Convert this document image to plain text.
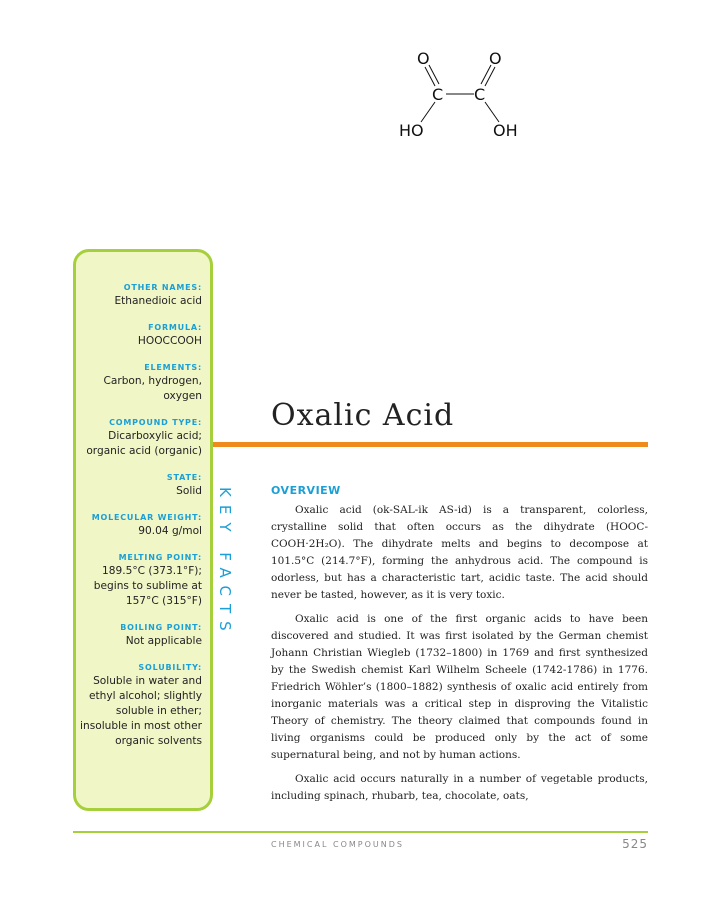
O	O
C C
HO	OH
OTHER NAMES:
Ethanedioic acid
FORMULA:
HOOCCOOH
ELEMENTS:
Carbon, hydrogen, oxygen
COMPOUND TYPE:
Dicarboxylic acid; organic acid (organic)
STATE:
Solid
MOLECULAR WEIGHT:
90.04 g/mol
MELTING POINT:
189.5°C (373.1°F); begins to sublime at 157°C (315°F)
BOILING POINT:
Not applicable
SOLUBILITY:
Soluble in water and ethyl alcohol; slightly soluble in ether; insoluble in most other organic solvents
KEY FACTS
Oxalic Acid
OVERVIEW

Oxalic acid (ok-SAL-ik AS-id) is a transparent, colorless, crystalline solid that often occurs as the dihydrate (HOOC-COOH·2H₂O). The dihydrate melts and begins to decompose at 101.5°C (214.7°F), forming the anhydrous acid. The compound is odorless, but has a characteristic tart, acidic taste. The acid should never be tasted, however, as it is very toxic.

Oxalic acid is one of the first organic acids to have been discovered and studied. It was first isolated by the German chemist Johann Christian Wiegleb (1732–1800) in 1769 and first synthesized by the Swedish chemist Karl Wilhelm Scheele (1742-1786) in 1776. Friedrich Wöhler’s (1800–1882) synthesis of oxalic acid entirely from inorganic materials was a critical step in disproving the Vitalistic Theory of chemistry. The theory claimed that compounds found in living organisms could be produced only by the act of some supernatural being, and not by human actions.

Oxalic acid occurs naturally in a number of vegetable products, including spinach, rhubarb, tea, chocolate, oats,

CHEMICAL COMPOUNDS	525
